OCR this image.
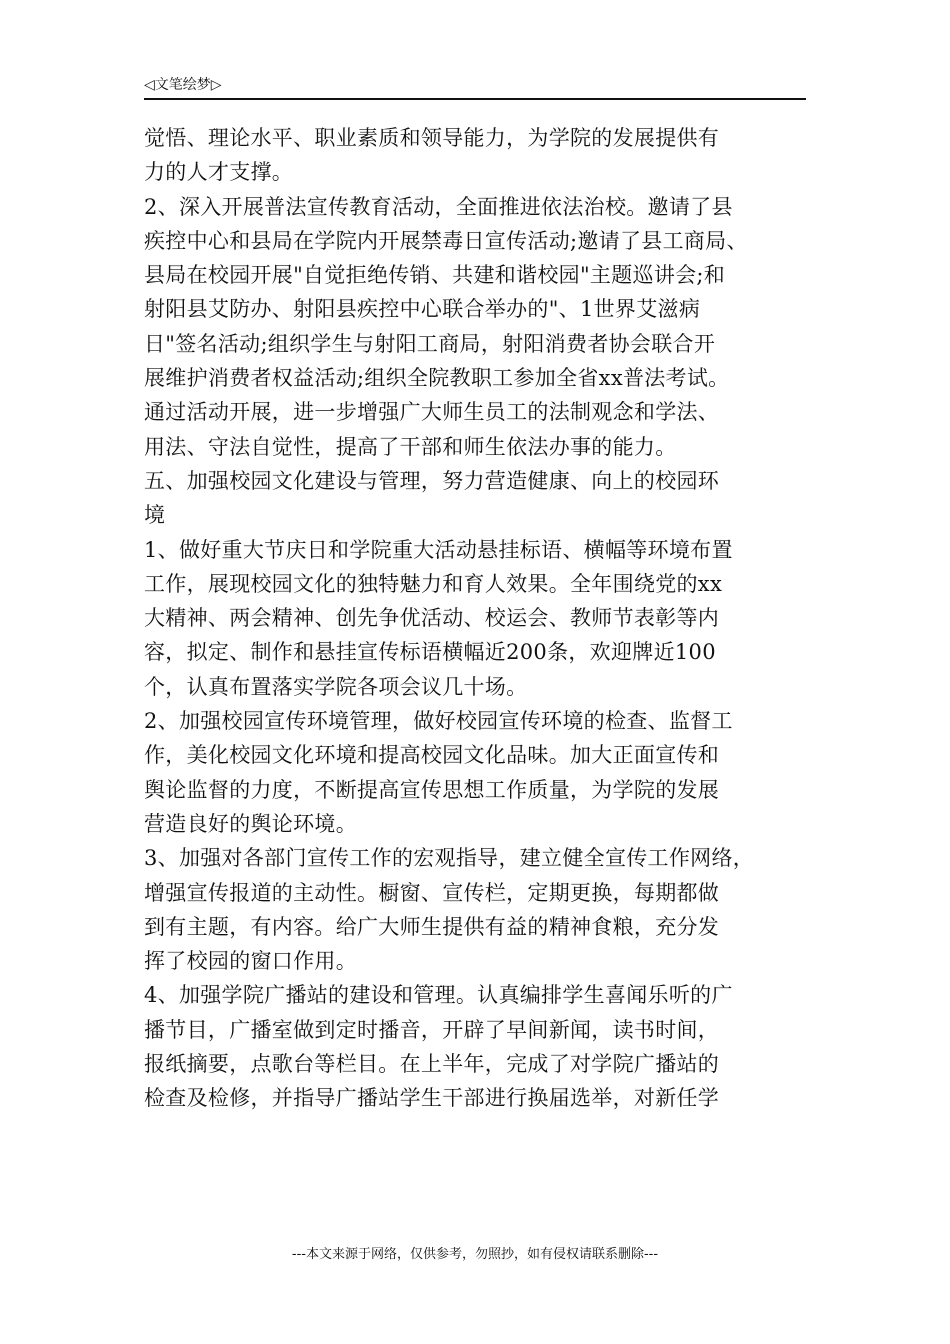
◁文笔绘梦▷
觉悟、理论水平、职业素质和领导能力，为学院的发展提供有
力的人才支撑。
2、深入开展普法宣传教育活动，全面推进依法治校。邀请了县
疾控中心和县局在学院内开展禁毒日宣传活动;邀请了县工商局、
县局在校园开展"自觉拒绝传销、共建和谐校园"主题巡讲会;和
射阳县艾防办、射阳县疾控中心联合举办的"、1世界艾滋病
日"签名活动;组织学生与射阳工商局，射阳消费者协会联合开
展维护消费者权益活动;组织全院教职工参加全省xx普法考试。
通过活动开展，进一步增强广大师生员工的法制观念和学法、
用法、守法自觉性，提高了干部和师生依法办事的能力。
五、加强校园文化建设与管理，努力营造健康、向上的校园环
境
1、做好重大节庆日和学院重大活动悬挂标语、横幅等环境布置
工作，展现校园文化的独特魅力和育人效果。全年围绕党的xx
大精神、两会精神、创先争优活动、校运会、教师节表彰等内
容，拟定、制作和悬挂宣传标语横幅近200条，欢迎牌近100
个，认真布置落实学院各项会议几十场。
2、加强校园宣传环境管理，做好校园宣传环境的检查、监督工
作，美化校园文化环境和提高校园文化品味。加大正面宣传和
舆论监督的力度，不断提高宣传思想工作质量，为学院的发展
营造良好的舆论环境。
3、加强对各部门宣传工作的宏观指导，建立健全宣传工作网络，
增强宣传报道的主动性。橱窗、宣传栏，定期更换，每期都做
到有主题，有内容。给广大师生提供有益的精神食粮，充分发
挥了校园的窗口作用。
4、加强学院广播站的建设和管理。认真编排学生喜闻乐听的广
播节目，广播室做到定时播音，开辟了早间新闻，读书时间，
报纸摘要，点歌台等栏目。在上半年，完成了对学院广播站的
检查及检修，并指导广播站学生干部进行换届选举，对新任学
---本文来源于网络，仅供参考，勿照抄，如有侵权请联系删除---
